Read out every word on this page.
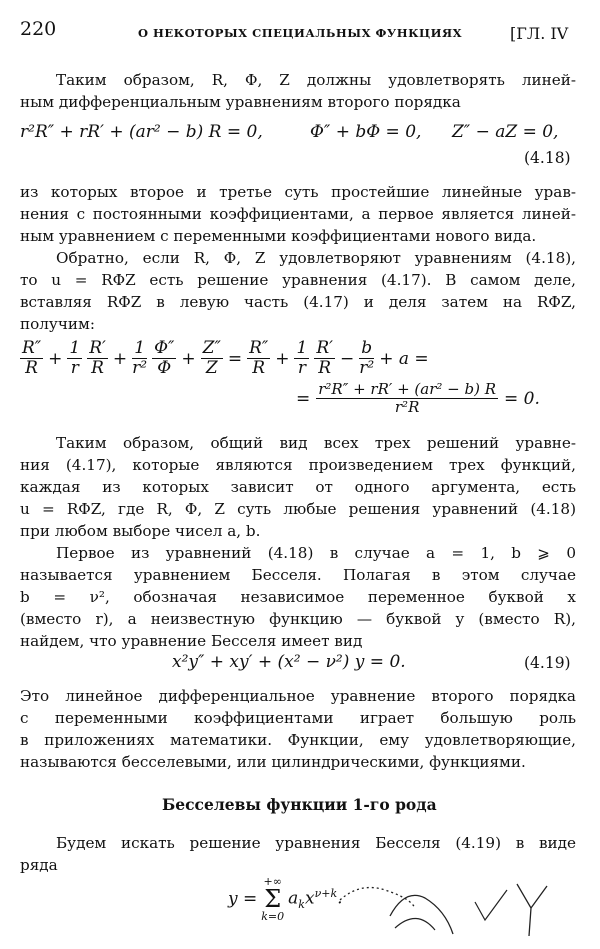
220	О НЕКОТОРЫХ СПЕЦИАЛЬНЫХ ФУНКЦИЯХ	[ГЛ. IV
Таким образом, R, Φ, Z должны удовлетворять линей-
ным дифференциальным уравнениям второго порядка
r²R″ + rR′ + (ar² − b) R = 0,	Φ″ + bΦ = 0, Z″ − aZ = 0,
(4.18)
из которых второе и третье суть простейшие линейные урав-
нения с постоянными коэффициентами, а первое является линей-
ным уравнением с переменными коэффициентами нового вида.
Обратно, если R, Φ, Z удовлетворяют уравнениям (4.18),
то u = RΦZ есть решение уравнения (4.17). В самом деле,
вставляя RΦZ в левую часть (4.17) и деля затем на RΦZ,
получим:
$\frac{R''}{R} + \frac{1}{r} \frac{R'}{R} + \frac{1}{\text{r²}} \frac{\Phi''}{\Phi} + \frac{Z''}{Z} = \frac{R''}{R} + \frac{1}{r} \frac{R'}{R} - \frac{b}{\text{r²}} + a$ =
= $\frac{\text{r²R″ + rR′ + (ar² − b) R}}{\text{r²R}} = 0$.
Таким образом, общий вид всех трех решений уравне-
ния (4.17), которые являются произведением трех функций,
каждая из которых зависит от одного аргумента, есть
u = RΦZ, где R, Φ, Z суть любые решения уравнений (4.18)
при любом выборе чисел a, b.
Первое из уравнений (4.18) в случае a = 1, b ⩾ 0
называется уравнением Бесселя. Полагая в этом случае
b = ν², обозначая независимое переменное буквой x
(вместо r), а неизвестную функцию — буквой y (вместо R),
найдем, что уравнение Бесселя имеет вид
x²y″ + xy′ + (x² − ν²) y = 0.	(4.19)
Это линейное дифференциальное уравнение второго порядка
с переменными коэффициентами играет большую роль
в приложениях математики. Функции, ему удовлетворяющие,
называются бесселевыми, или цилиндрическими, функциями.
Бесселевы функции 1-го рода
Будем искать решение уравнения Бесселя (4.19) в виде
ряда
y =
+∞
Σ
k=0
$a_kx^{\nu+k}$.
